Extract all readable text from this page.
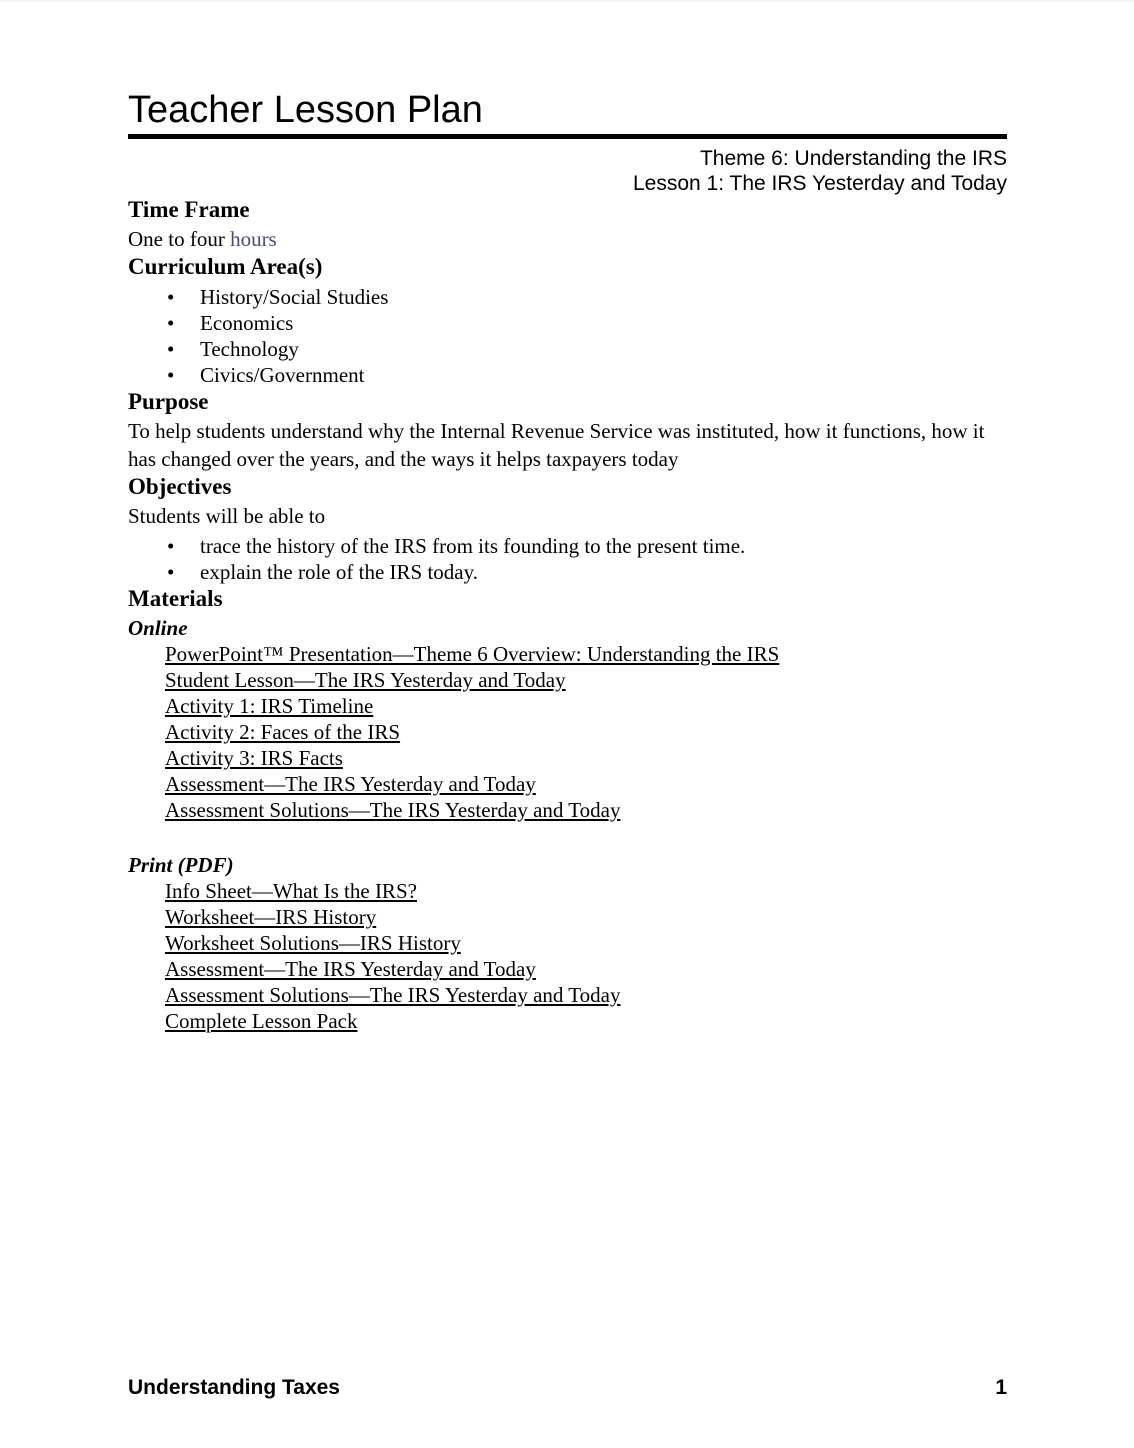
Teacher Lesson Plan
Theme 6: Understanding the IRS
Lesson 1: The IRS Yesterday and Today
Time Frame

One to four hours

Curriculum Area(s)
• History/Social Studies
• Economics
• Technology
• Civics/Government
Purpose

To help students understand why the Internal Revenue Service was instituted, how it functions, how it has changed over the years, and the ways it helps taxpayers today

Objectives

Students will be able to

• trace the history of the IRS from its founding to the present time.
• explain the role of the IRS today.
Materials
Online
PowerPoint™ Presentation—Theme 6 Overview: Understanding the IRS
Student Lesson—The IRS Yesterday and Today
Activity 1: IRS Timeline
Activity 2: Faces of the IRS
Activity 3: IRS Facts
Assessment—The IRS Yesterday and Today
Assessment Solutions—The IRS Yesterday and Today
Print (PDF)
Info Sheet—What Is the IRS?
Worksheet—IRS History
Worksheet Solutions—IRS History
Assessment—The IRS Yesterday and Today
Assessment Solutions—The IRS Yesterday and Today
Complete Lesson Pack
Understanding Taxes	1
